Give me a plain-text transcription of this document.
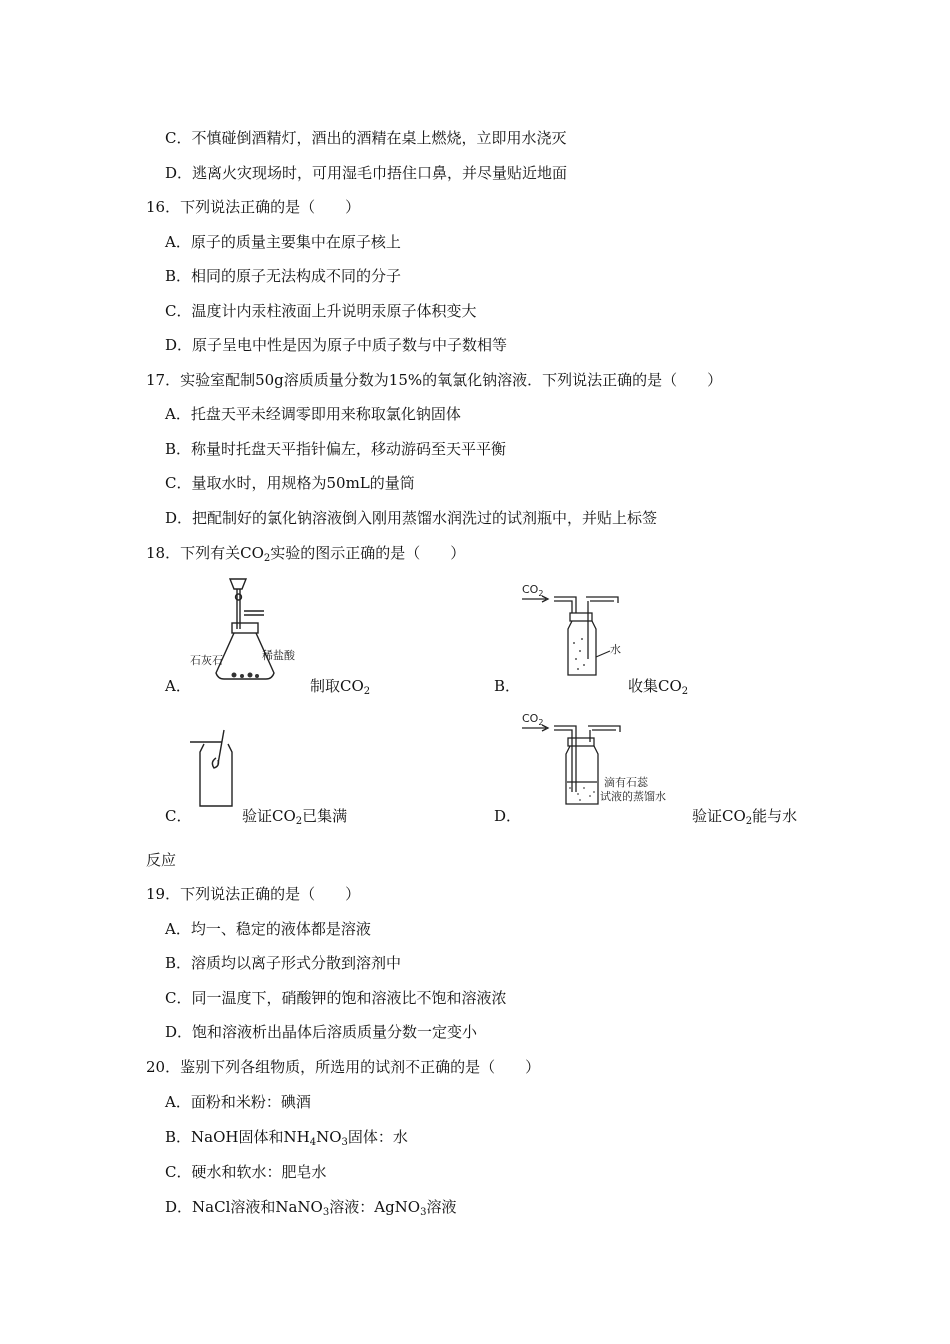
C．不慎碰倒酒精灯，酒出的酒精在桌上燃烧，立即用水浇灭
D．逃离火灾现场时，可用湿毛巾捂住口鼻，并尽量贴近地面
16．下列说法正确的是（　　）
A．原子的质量主要集中在原子核上
B．相同的原子无法构成不同的分子
C．温度计内汞柱液面上升说明汞原子体积变大
D．原子呈电中性是因为原子中质子数与中子数相等
17．实验室配制50g溶质质量分数为15%的氧氯化钠溶液．下列说法正确的是（　　）
A．托盘天平未经调零即用来称取氯化钠固体
B．称量时托盘天平指针偏左，移动游码至天平平衡
C．量取水时，用规格为50mL的量筒
D．把配制好的氯化钠溶液倒入刚用蒸馏水润洗过的试剂瓶中，并贴上标签
18．下列有关$CO_2$实验的图示正确的是（　　）
A．
石灰石	稀盐酸
制取$CO_2$	B．
$CO_2$
水
收集$CO_2$
C．	验证$CO_2$已集满	D．
$CO_2$
滴有石蕊
试液的蒸馏水
验证$CO_2$能与水
反应
19．下列说法正确的是（　　）
A．均一、稳定的液体都是溶液
B．溶质均以离子形式分散到溶剂中
C．同一温度下，硝酸钾的饱和溶液比不饱和溶液浓
D．饱和溶液析出晶体后溶质质量分数一定变小
20．鉴别下列各组物质，所选用的试剂不正确的是（　　）
A．面粉和米粉：碘酒
B．NaOH固体和$NH_4NO_3$固体：水
C．硬水和软水：肥皂水
D．NaCl溶液和NaNO$_3$溶液：AgNO$_3$溶液
